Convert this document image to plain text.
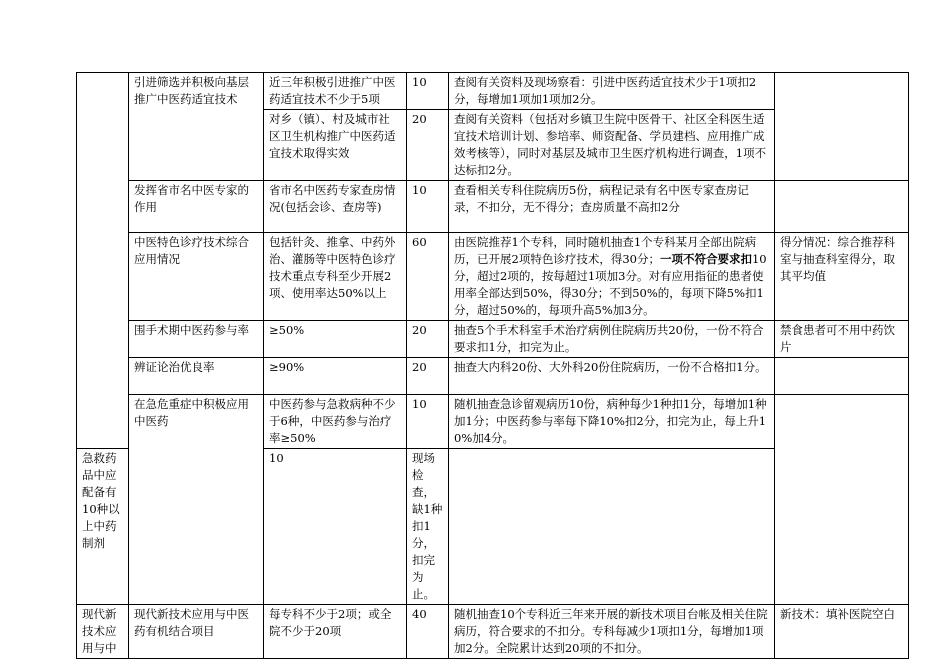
	引进筛选并积极向基层推广中医药适宜技术	近三年积极引进推广中医药适宜技术不少于5项	10	查阅有关资料及现场察看：引进中医药适宜技术少于1项扣2分，每增加1项加1项加2分。	
		对乡（镇）、村及城市社区卫生机构推广中医药适宜技术取得实效	20	查阅有关资料（包括对乡镇卫生院中医骨干、社区全科医生适宜技术培训计划、参培率、师资配备、学员建档、应用推广成效考核等），同时对基层及城市卫生医疗机构进行调查，1项不达标扣2分。	
	发挥省市名中医专家的作用	省市名中医药专家查房情况(包括会诊、查房等)	10	查看相关专科住院病历5份，病程记录有名中医专家查房记录，不扣分，无不得分；查房质量不高扣2分	
	中医特色诊疗技术综合应用情况	包括针灸、推拿、中药外治、灌肠等中医特色诊疗技术重点专科至少开展2项、使用率达50%以上	60	由医院推荐1个专科，同时随机抽查1个专科某月全部出院病历，已开展2项特色诊疗技术，得30分；一项不符合要求扣10分，超过2项的，按每超过1项加3分。对有应用指征的患者使用率全部达到50%，得30分；不到50%的，每项下降5%扣1分，超过50%的，每项升高5%加3分。	得分情况：综合推荐科室与抽查科室得分，取其平均值
	围手术期中医药参与率	≥50%	20	抽查5个手术科室手术治疗病例住院病历共20份，一份不符合要求扣1分，扣完为止。	禁食患者可不用中药饮片
	辨证论治优良率	≥90%	20	抽查大内科20份、大外科20份住院病历，一份不合格扣1分。	
	在急危重症中积极应用中医药	中医药参与急救病种不少于6种，中医药参与治疗率≥50%	10	随机抽查急诊留观病历10份，病种每少1种扣1分，每增加1种加1分；中医药参与率每下降10%扣2分，扣完为止，每上升10%加4分。	
急救药品中应配备有10种以上中药制剂		10	现场检查，缺1种扣1分，扣完为止。		
现代新技术应用与中	现代新技术应用与中医药有机结合项目	每专科不少于2项；或全院不少于20项	40	随机抽查10个专科近三年来开展的新技术项目台帐及相关住院病历，符合要求的不扣分。专科每减少1项扣1分，每增加1项加2分。全院累计达到20项的不扣分。	新技术：填补医院空白
